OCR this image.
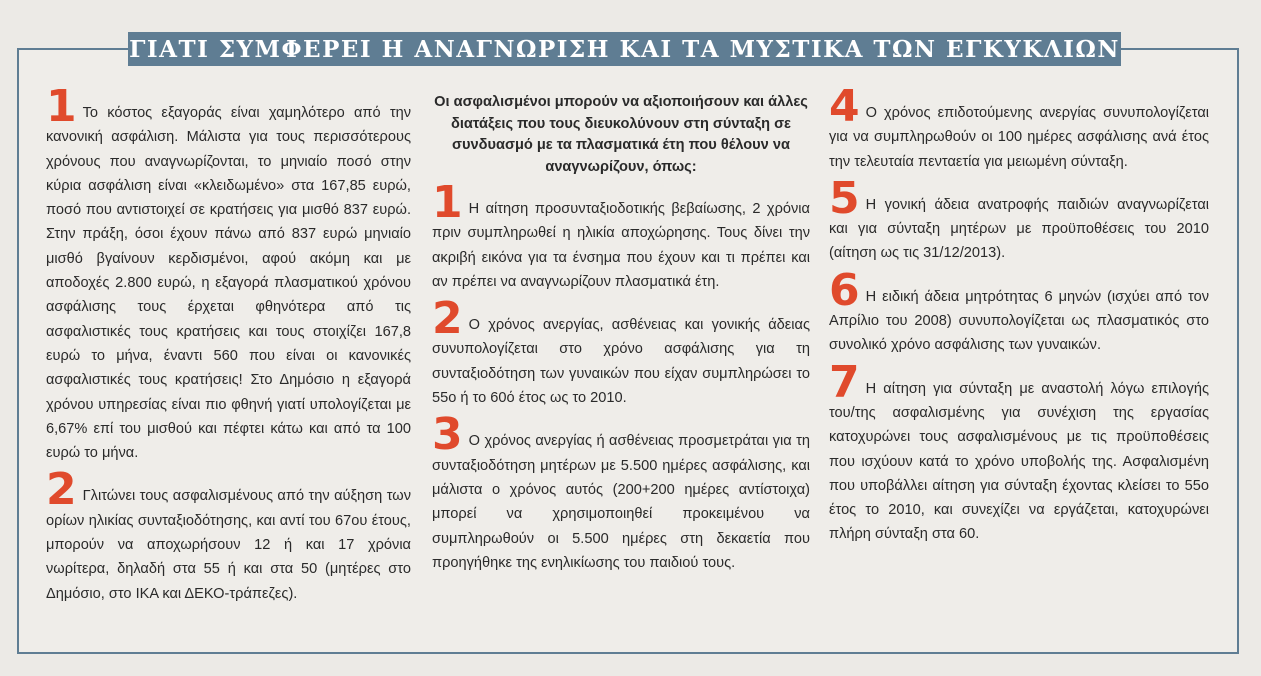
ΓΙΑΤΙ ΣΥΜΦΕΡΕΙ Η ΑΝΑΓΝΩΡΙΣΗ ΚΑΙ ΤΑ ΜΥΣΤΙΚΑ ΤΩΝ ΕΓΚΥΚΛΙΩΝ

1 Το κόστος εξαγοράς είναι χαμηλότερο από την κανονική ασφάλιση. Μάλιστα για τους περισσότερους χρόνους που αναγνωρίζονται, το μηνιαίο ποσό στην κύρια ασφάλιση είναι «κλειδωμένο» στα 167,85 ευρώ, ποσό που αντιστοιχεί σε κρατήσεις για μισθό 837 ευρώ. Στην πράξη, όσοι έχουν πάνω από 837 ευρώ μηνιαίο μισθό βγαίνουν κερδισμένοι, αφού ακόμη και με αποδοχές 2.800 ευρώ, η εξαγορά πλασματικού χρόνου ασφάλισης τους έρχεται φθηνότερα από τις ασφαλιστικές τους κρατήσεις και τους στοιχίζει 167,8 ευρώ το μήνα, έναντι 560 που είναι οι κανονικές ασφαλιστικές τους κρατήσεις! Στο Δημόσιο η εξαγορά χρόνου υπηρεσίας είναι πιο φθηνή γιατί υπολογίζεται με 6,67% επί του μισθού και πέφτει κάτω και από τα 100 ευρώ το μήνα.

2 Γλιτώνει τους ασφαλισμένους από την αύξηση των ορίων ηλικίας συνταξιοδότησης, και αντί του 67ου έτους, μπορούν να αποχωρήσουν 12 ή και 17 χρόνια νωρίτερα, δηλαδή στα 55 ή και στα 50 (μητέρες στο Δημόσιο, στο ΙΚΑ και ΔΕΚΟ-τράπεζες).

Οι ασφαλισμένοι μπορούν να αξιοποιήσουν και άλλες διατάξεις που τους διευκολύνουν στη σύνταξη σε συνδυασμό με τα πλασματικά έτη που θέλουν να αναγνωρίζουν, όπως:

1 Η αίτηση προσυνταξιοδοτικής βεβαίωσης, 2 χρόνια πριν συμπληρωθεί η ηλικία αποχώρησης. Τους δίνει την ακριβή εικόνα για τα ένσημα που έχουν και τι πρέπει και αν πρέπει να αναγνωρίζουν πλασματικά έτη.

2 Ο χρόνος ανεργίας, ασθένειας και γονικής άδειας συνυπολογίζεται στο χρόνο ασφάλισης για τη συνταξιοδότηση των γυναικών που είχαν συμπληρώσει το 55ο ή το 60ό έτος ως το 2010.

3 Ο χρόνος ανεργίας ή ασθένειας προσμετράται για τη συνταξιοδότηση μητέρων με 5.500 ημέρες ασφάλισης, και μάλιστα ο χρόνος αυτός (200+200 ημέρες αντίστοιχα) μπορεί να χρησιμοποιηθεί προκειμένου να συμπληρωθούν οι 5.500 ημέρες στη δεκαετία που προηγήθηκε της ενηλικίωσης του παιδιού τους.

4 Ο χρόνος επιδοτούμενης ανεργίας συνυπολογίζεται για να συμπληρωθούν οι 100 ημέρες ασφάλισης ανά έτος την τελευταία πενταετία για μειωμένη σύνταξη.

5 Η γονική άδεια ανατροφής παιδιών αναγνωρίζεται και για σύνταξη μητέρων με προϋποθέσεις του 2010 (αίτηση ως τις 31/12/2013).

6 Η ειδική άδεια μητρότητας 6 μηνών (ισχύει από τον Απρίλιο του 2008) συνυπολογίζεται ως πλασματικός στο συνολικό χρόνο ασφάλισης των γυναικών.

7 Η αίτηση για σύνταξη με αναστολή λόγω επιλογής του/της ασφαλισμένης για συνέχιση της εργασίας κατοχυρώνει τους ασφαλισμένους με τις προϋποθέσεις που ισχύουν κατά το χρόνο υποβολής της. Ασφαλισμένη που υποβάλλει αίτηση για σύνταξη έχοντας κλείσει το 55ο έτος το 2010, και συνεχίζει να εργάζεται, κατοχυρώνει πλήρη σύνταξη στα 60.
